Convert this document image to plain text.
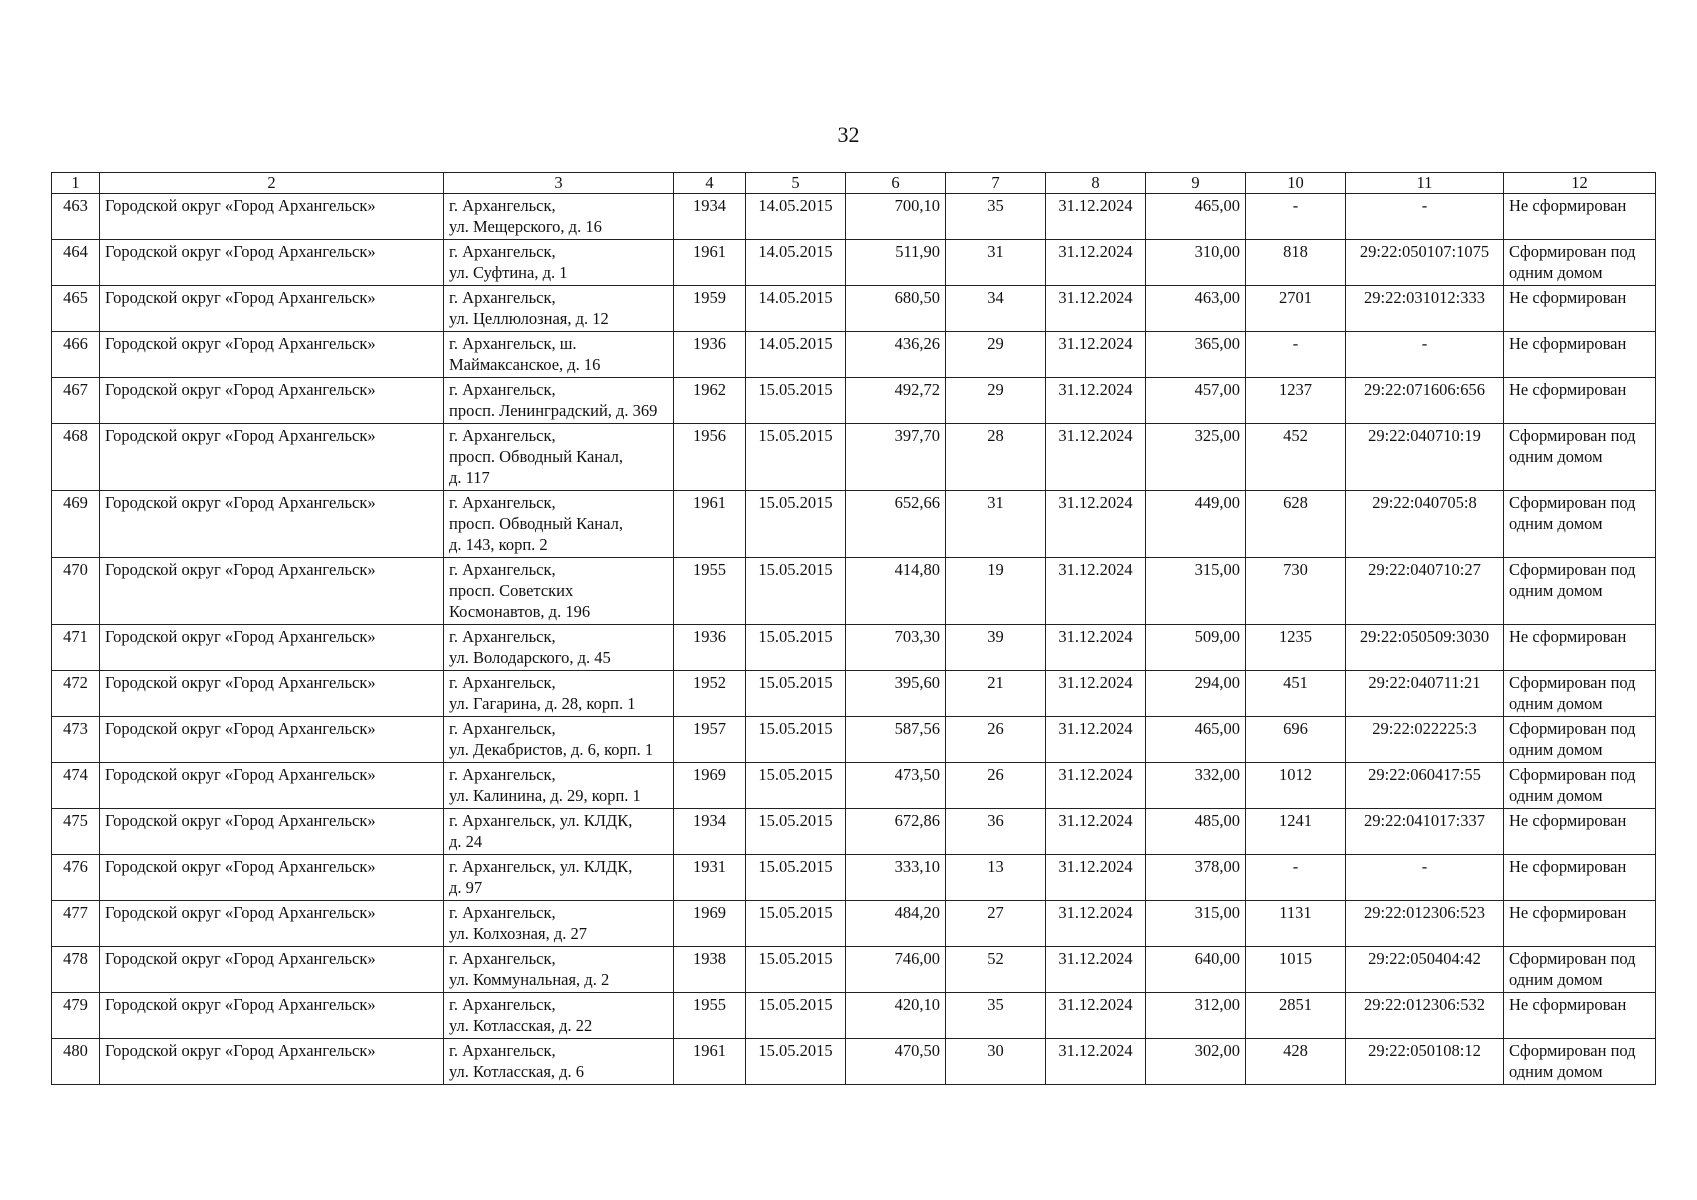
32
1	2	3	4	5	6	7	8	9	10	11	12
463	Городской округ «Город Архангельск»	г. Архангельск,
ул. Мещерского, д. 16	1934	14.05.2015	700,10	35	31.12.2024	465,00	-	-	Не сформирован
464	Городской округ «Город Архангельск»	г. Архангельск,
ул. Суфтина, д. 1	1961	14.05.2015	511,90	31	31.12.2024	310,00	818	29:22:050107:1075	Сформирован под одним домом
465	Городской округ «Город Архангельск»	г. Архангельск,
ул. Целлюлозная, д. 12	1959	14.05.2015	680,50	34	31.12.2024	463,00	2701	29:22:031012:333	Не сформирован
466	Городской округ «Город Архангельск»	г. Архангельск, ш.
Маймаксанское, д. 16	1936	14.05.2015	436,26	29	31.12.2024	365,00	-	-	Не сформирован
467	Городской округ «Город Архангельск»	г. Архангельск,
просп. Ленинградский, д. 369	1962	15.05.2015	492,72	29	31.12.2024	457,00	1237	29:22:071606:656	Не сформирован
468	Городской округ «Город Архангельск»	г. Архангельск,
просп. Обводный Канал,
д. 117	1956	15.05.2015	397,70	28	31.12.2024	325,00	452	29:22:040710:19	Сформирован под одним домом
469	Городской округ «Город Архангельск»	г. Архангельск,
просп. Обводный Канал,
д. 143, корп. 2	1961	15.05.2015	652,66	31	31.12.2024	449,00	628	29:22:040705:8	Сформирован под одним домом
470	Городской округ «Город Архангельск»	г. Архангельск,
просп. Советских
Космонавтов, д. 196	1955	15.05.2015	414,80	19	31.12.2024	315,00	730	29:22:040710:27	Сформирован под одним домом
471	Городской округ «Город Архангельск»	г. Архангельск,
ул. Володарского, д. 45	1936	15.05.2015	703,30	39	31.12.2024	509,00	1235	29:22:050509:3030	Не сформирован
472	Городской округ «Город Архангельск»	г. Архангельск,
ул. Гагарина, д. 28, корп. 1	1952	15.05.2015	395,60	21	31.12.2024	294,00	451	29:22:040711:21	Сформирован под одним домом
473	Городской округ «Город Архангельск»	г. Архангельск,
ул. Декабристов, д. 6, корп. 1	1957	15.05.2015	587,56	26	31.12.2024	465,00	696	29:22:022225:3	Сформирован под одним домом
474	Городской округ «Город Архангельск»	г. Архангельск,
ул. Калинина, д. 29, корп. 1	1969	15.05.2015	473,50	26	31.12.2024	332,00	1012	29:22:060417:55	Сформирован под одним домом
475	Городской округ «Город Архангельск»	г. Архангельск, ул. КЛДК,
д. 24	1934	15.05.2015	672,86	36	31.12.2024	485,00	1241	29:22:041017:337	Не сформирован
476	Городской округ «Город Архангельск»	г. Архангельск, ул. КЛДК,
д. 97	1931	15.05.2015	333,10	13	31.12.2024	378,00	-	-	Не сформирован
477	Городской округ «Город Архангельск»	г. Архангельск,
ул. Колхозная, д. 27	1969	15.05.2015	484,20	27	31.12.2024	315,00	1131	29:22:012306:523	Не сформирован
478	Городской округ «Город Архангельск»	г. Архангельск,
ул. Коммунальная, д. 2	1938	15.05.2015	746,00	52	31.12.2024	640,00	1015	29:22:050404:42	Сформирован под одним домом
479	Городской округ «Город Архангельск»	г. Архангельск,
ул. Котласская, д. 22	1955	15.05.2015	420,10	35	31.12.2024	312,00	2851	29:22:012306:532	Не сформирован
480	Городской округ «Город Архангельск»	г. Архангельск,
ул. Котласская, д. 6	1961	15.05.2015	470,50	30	31.12.2024	302,00	428	29:22:050108:12	Сформирован под одним домом
